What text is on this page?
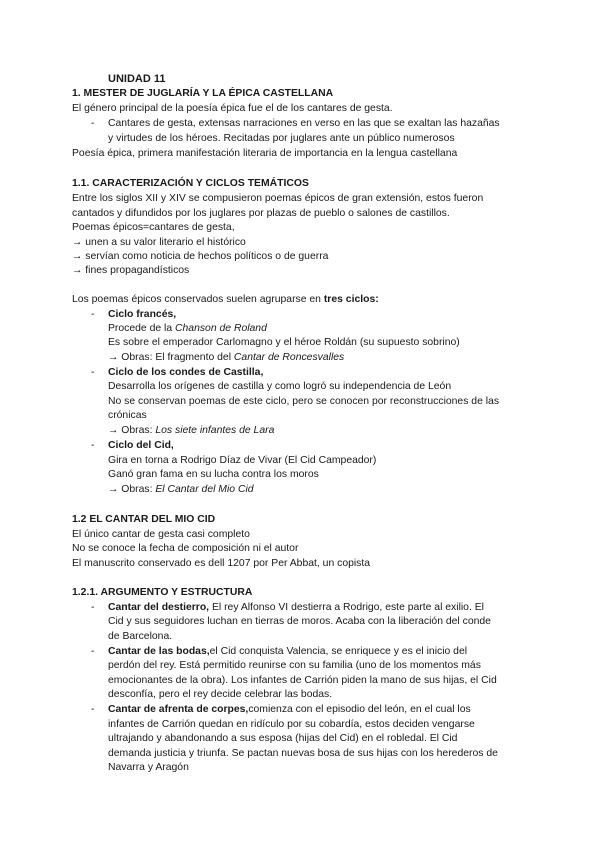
UNIDAD 11

1. MESTER DE JUGLARÍA Y LA ÉPICA CASTELLANA

El género principal de la poesía épica fue el de los cantares de gesta.

- Cantares de gesta, extensas narraciones en verso en las que se exaltan las hazañas

y virtudes de los héroes. Recitadas por juglares ante un público numerosos

Poesía épica, primera manifestación literaria de importancia en la lengua castellana

1.1. CARACTERIZACIÓN Y CICLOS TEMÁTICOS

Entre los siglos XII y XIV se compusieron poemas épicos de gran extensión, estos fueron

cantados y difundidos por los juglares por plazas de pueblo o salones de castillos.

Poemas épicos=cantares de gesta,

→ unen a su valor literario el histórico

→ servían como noticia de hechos políticos o de guerra

→ fines propagandísticos

Los poemas épicos conservados suelen agruparse en tres ciclos:

- Ciclo francés,

Procede de la Chanson de Roland

Es sobre el emperador Carlomagno y el héroe Roldán (su supuesto sobrino)

→ Obras: El fragmento del Cantar de Roncesvalles

- Ciclo de los condes de Castilla,

Desarrolla los orígenes de castilla y como logró su independencia de León

No se conservan poemas de este ciclo, pero se conocen por reconstrucciones de las

crónicas

→ Obras: Los siete infantes de Lara

- Ciclo del Cid,

Gira en torna a Rodrigo Díaz de Vivar (El Cid Campeador)

Ganó gran fama en su lucha contra los moros

→ Obras: El Cantar del Mio Cid

1.2 EL CANTAR DEL MIO CID

El único cantar de gesta casi completo

No se conoce la fecha de composición ni el autor

El manuscrito conservado es dell 1207 por Per Abbat, un copista

1.2.1. ARGUMENTO Y ESTRUCTURA

- Cantar del destierro, El rey Alfonso VI destierra a Rodrigo, este parte al exilio. El

Cid y sus seguidores luchan en tierras de moros. Acaba con la liberación del conde

de Barcelona.

- Cantar de las bodas,el Cid conquista Valencia, se enriquece y es el inicio del

perdón del rey. Está permitido reunirse con su familia (uno de los momentos más

emocionantes de la obra). Los infantes de Carrión piden la mano de sus hijas, el Cid

desconfía, pero el rey decide celebrar las bodas.

- Cantar de afrenta de corpes,comienza con el episodio del león, en el cual los

infantes de Carrión quedan en ridículo por su cobardía, estos deciden vengarse

ultrajando y abandonando a sus esposa (hijas del Cid) en el robledal. El Cid

demanda justicia y triunfa. Se pactan nuevas bosa de sus hijas con los herederos de

Navarra y Aragón
